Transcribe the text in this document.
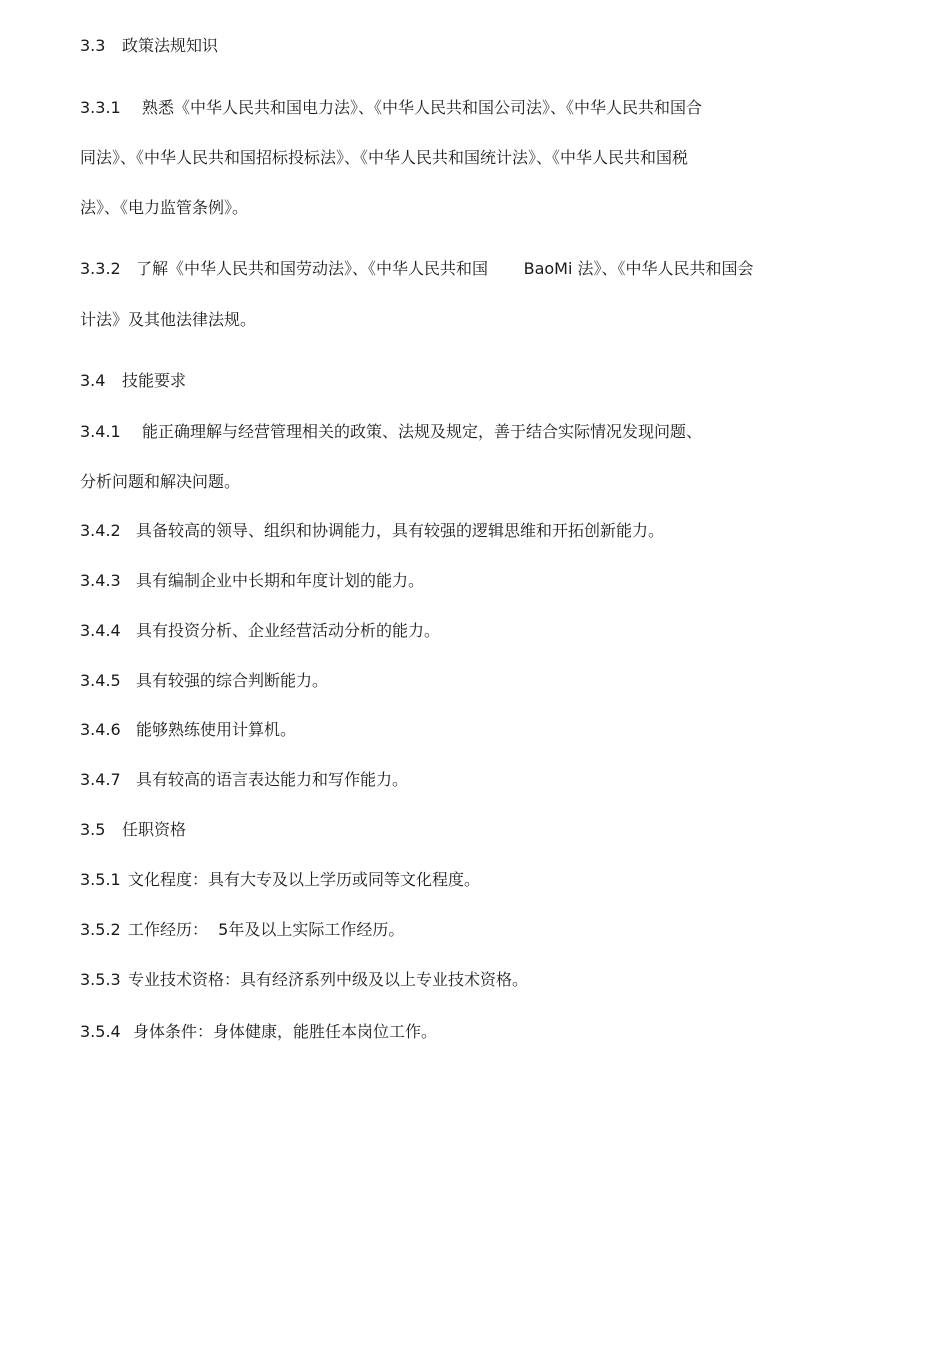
3.3 政策法规知识
3.3.1 熟悉《中华人民共和国电力法》、《中华人民共和国公司法》、《中华人民共和国合
同法》、《中华人民共和国招标投标法》、《中华人民共和国统计法》、《中华人民共和国税
法》、《电力监管条例》。
3.3.2 了解《中华人民共和国劳动法》、《中华人民共和国       BaoMi 法》、《中华人民共和国会
计法》及其他法律法规。
3.4 技能要求
3.4.1 能正确理解与经营管理相关的政策、法规及规定，善于结合实际情况发现问题、
分析问题和解决问题。
3.4.2 具备较高的领导、组织和协调能力，具有较强的逻辑思维和开拓创新能力。
3.4.3 具有编制企业中长期和年度计划的能力。
3.4.4 具有投资分析、企业经营活动分析的能力。
3.4.5 具有较强的综合判断能力。
3.4.6 能够熟练使用计算机。
3.4.7 具有较高的语言表达能力和写作能力。
3.5 任职资格
3.5.1 文化程度：具有大专及以上学历或同等文化程度。
3.5.2 工作经历：  5年及以上实际工作经历。
3.5.3 专业技术资格：具有经济系列中级及以上专业技术资格。
3.5.4 身体条件：身体健康，能胜任本岗位工作。
